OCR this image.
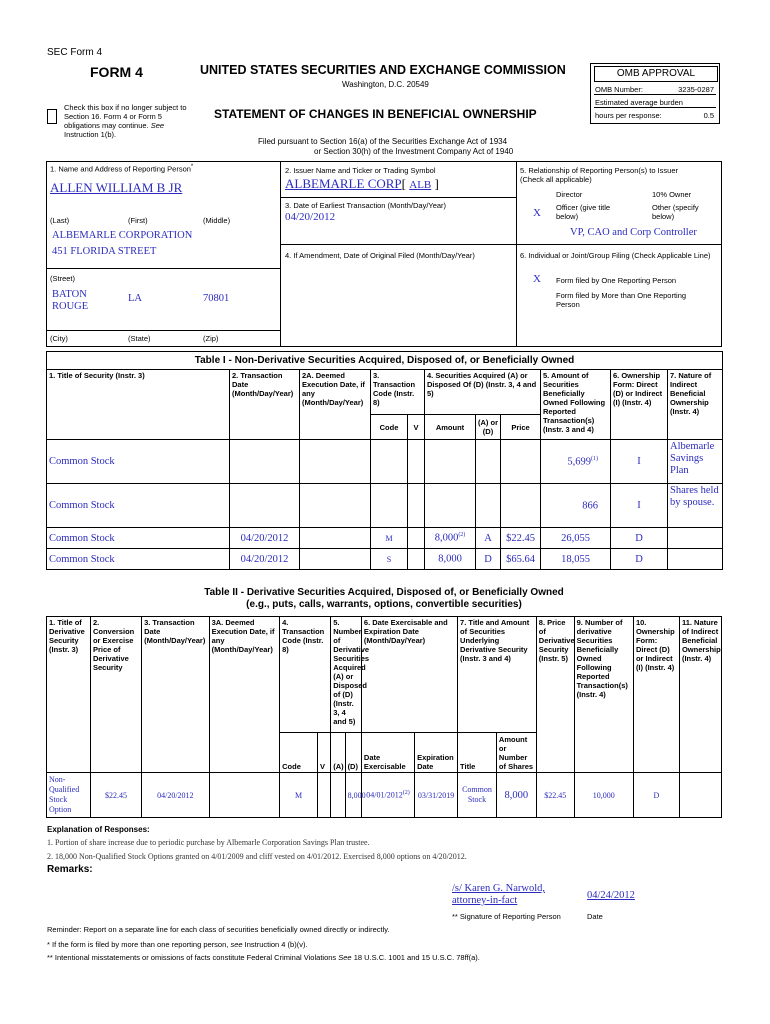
SEC Form 4
FORM 4	UNITED STATES SECURITIES AND EXCHANGE COMMISSION
Washington, D.C. 20549
Check this box if no longer subject to Section 16. Form 4 or Form 5 obligations may continue. See Instruction 1(b).
STATEMENT OF CHANGES IN BENEFICIAL OWNERSHIP
Filed pursuant to Section 16(a) of the Securities Exchange Act of 1934
or Section 30(h) of the Investment Company Act of 1940
OMB APPROVAL
OMB Number:	3235-0287
Estimated average burden
hours per response:	0.5
1. Name and Address of Reporting Person*
ALLEN WILLIAM B JR
(Last)	(First)	(Middle)
ALBEMARLE CORPORATION
451 FLORIDA STREET
(Street)
BATON
ROUGE
LA	70801
(City)	(State)	(Zip)
2. Issuer Name and Ticker or Trading Symbol
ALBEMARLE CORP[ ALB ]
3. Date of Earliest Transaction (Month/Day/Year)
04/20/2012
4. If Amendment, Date of Original Filed (Month/Day/Year)
5. Relationship of Reporting Person(s) to Issuer
(Check all applicable)
Director	10% Owner
X Officer (give title below)
Other (specify below)
VP, CAO and Corp Controller
6. Individual or Joint/Group Filing (Check Applicable Line)
X Form filed by One Reporting Person
Form filed by More than One Reporting Person
Table I - Non-Derivative Securities Acquired, Disposed of, or Beneficially Owned										
1. Title of Security (Instr. 3)	2. Transaction Date (Month/Day/Year)	2A. Deemed Execution Date, if any (Month/Day/Year)	3. Transaction Code (Instr. 8)		4. Securities Acquired (A) or Disposed Of (D) (Instr. 3, 4 and 5)			5. Amount of Securities Beneficially Owned Following Reported Transaction(s) (Instr. 3 and 4)	6. Ownership Form: Direct (D) or Indirect (I) (Instr. 4)	7. Nature of Indirect Beneficial Ownership (Instr. 4)
			Code	V	Amount	(A) or (D)	Price			
Common Stock								5,699$^{(1)}$	I	Albemarle Savings Plan
Common Stock								866	I	Shares held by spouse.
Common Stock	04/20/2012		M		8,000$^{(2)}$	A	$22.45	26,055	D	
Common Stock	04/20/2012		S		8,000	D	$65.64	18,055	D	
Table II - Derivative Securities Acquired, Disposed of, or Beneficially Owned
(e.g., puts, calls, warrants, options, convertible securities)
1. Title of Derivative Security (Instr. 3)	2. Conversion or Exercise Price of Derivative Security	3. Transaction Date (Month/Day/Year)	3A. Deemed Execution Date, if any (Month/Day/Year)	4. Transaction Code (Instr. 8)		5. Number of Derivative Securities Acquired (A) or Disposed of (D) (Instr. 3, 4 and 5)		6. Date Exercisable and Expiration Date (Month/Day/Year)		7. Title and Amount of Securities Underlying Derivative Security (Instr. 3 and 4)		8. Price of Derivative Security (Instr. 5)	9. Number of derivative Securities Beneficially Owned Following Reported Transaction(s) (Instr. 4)	10. Ownership Form: Direct (D) or Indirect (I) (Instr. 4)	11. Nature of Indirect Beneficial Ownership (Instr. 4)
				Code	V	(A)	(D)	Date Exercisable	Expiration Date	Title	Amount or Number of Shares				
Non-Qualified Stock Option	$22.45	04/20/2012		M			8,000	04/01/2012$^{(2)}$	03/31/2019	Common Stock	8,000	$22.45	10,000	D	
Explanation of Responses:
1. Portion of share increase due to periodic purchase by Albemarle Corporation Savings Plan trustee.
2. 18,000 Non-Qualified Stock Options granted on 4/01/2009 and cliff vested on 4/01/2012. Exercised 8,000 options on 4/20/2012.
Remarks:
/s/ Karen G. Narwold, attorney-in-fact	04/24/2012
** Signature of Reporting Person	Date
Reminder: Report on a separate line for each class of securities beneficially owned directly or indirectly.
* If the form is filed by more than one reporting person, see Instruction 4 (b)(v).
** Intentional misstatements or omissions of facts constitute Federal Criminal Violations See 18 U.S.C. 1001 and 15 U.S.C. 78ff(a).
